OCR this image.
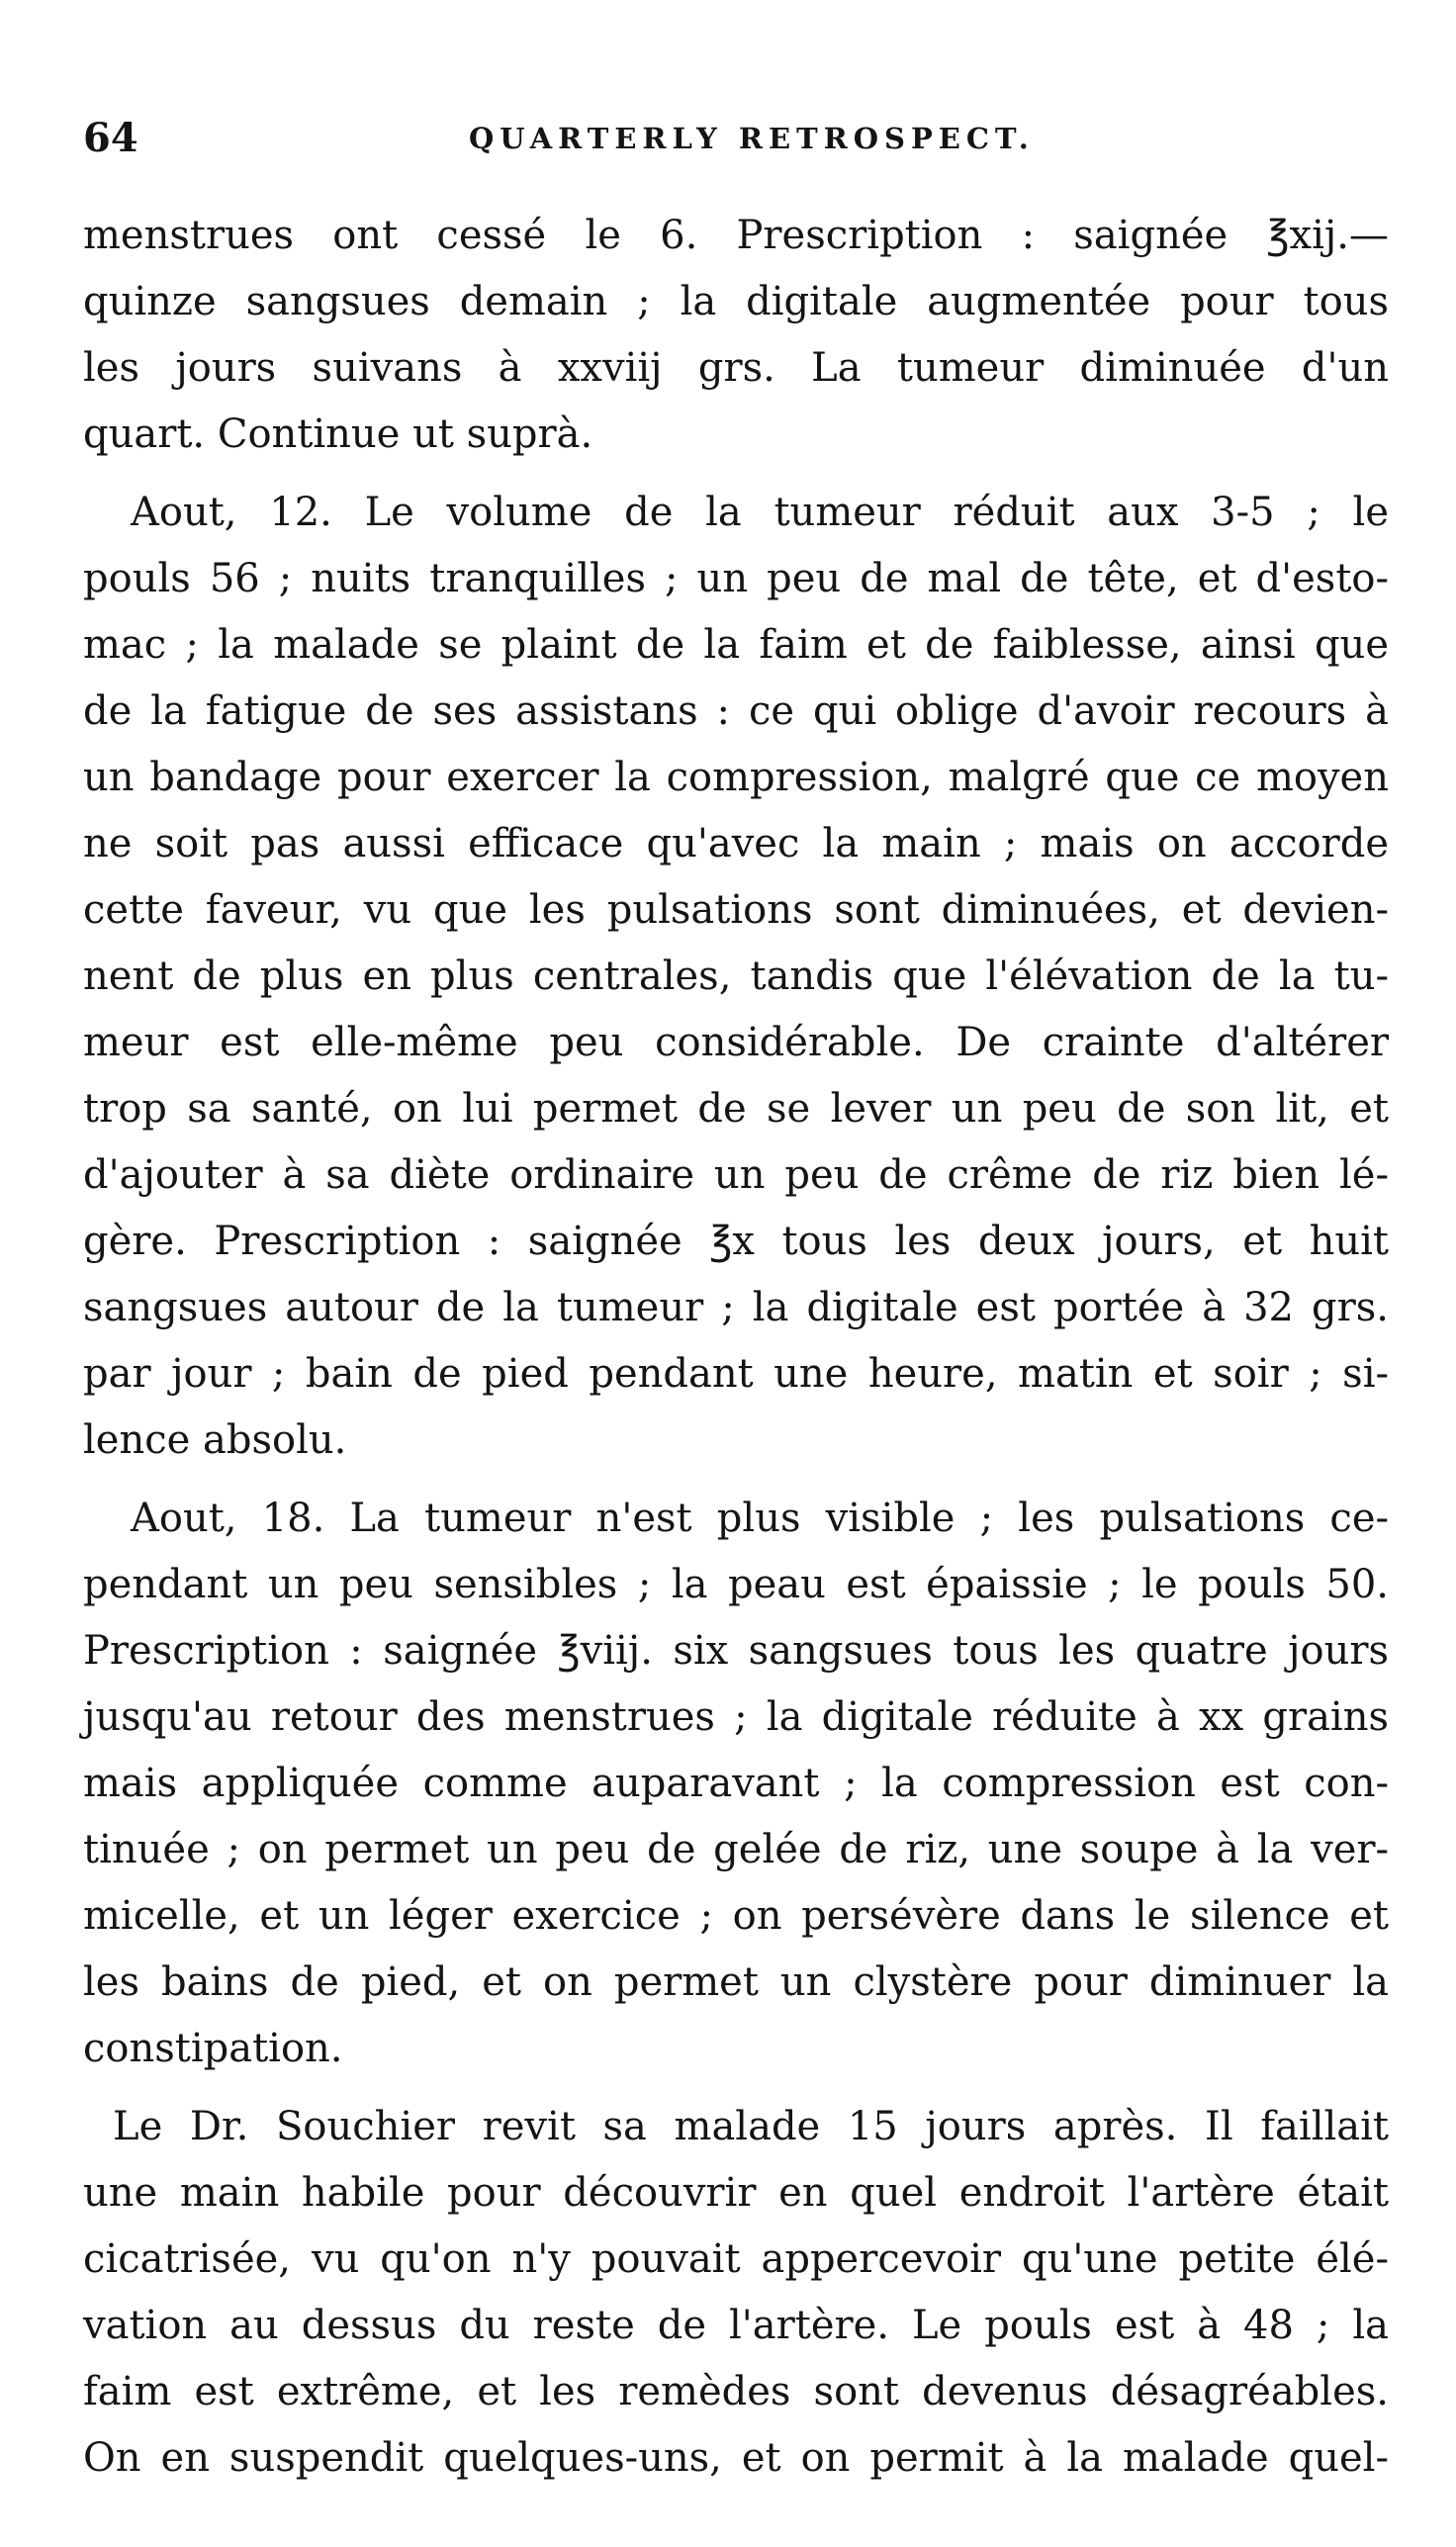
64	QUARTERLY RETROSPECT.

menstrues ont cessé le 6. Prescription : saignée ℥xij.—
quinze sangsues demain ; la digitale augmentée pour tous
les jours suivans à xxviij grs. La tumeur diminuée d'un
quart. Continue ut suprà.

Aout, 12. Le volume de la tumeur réduit aux 3-5 ; le
pouls 56 ; nuits tranquilles ; un peu de mal de tête, et d'esto-
mac ; la malade se plaint de la faim et de faiblesse, ainsi que
de la fatigue de ses assistans : ce qui oblige d'avoir recours à
un bandage pour exercer la compression, malgré que ce moyen
ne soit pas aussi efficace qu'avec la main ; mais on accorde
cette faveur, vu que les pulsations sont diminuées, et devien-
nent de plus en plus centrales, tandis que l'élévation de la tu-
meur est elle-même peu considérable. De crainte d'altérer
trop sa santé, on lui permet de se lever un peu de son lit, et
d'ajouter à sa diète ordinaire un peu de crême de riz bien lé-
gère. Prescription : saignée ℥x tous les deux jours, et huit
sangsues autour de la tumeur ; la digitale est portée à 32 grs.
par jour ; bain de pied pendant une heure, matin et soir ; si-
lence absolu.

Aout, 18. La tumeur n'est plus visible ; les pulsations ce-
pendant un peu sensibles ; la peau est épaissie ; le pouls 50.
Prescription : saignée ℥viij. six sangsues tous les quatre jours
jusqu'au retour des menstrues ; la digitale réduite à xx grains
mais appliquée comme auparavant ; la compression est con-
tinuée ; on permet un peu de gelée de riz, une soupe à la ver-
micelle, et un léger exercice ; on persévère dans le silence et
les bains de pied, et on permet un clystère pour diminuer la
constipation.

Le Dr. Souchier revit sa malade 15 jours après. Il faillait
une main habile pour découvrir en quel endroit l'artère était
cicatrisée, vu qu'on n'y pouvait appercevoir qu'une petite élé-
vation au dessus du reste de l'artère. Le pouls est à 48 ; la
faim est extrême, et les remèdes sont devenus désagréables.
On en suspendit quelques-uns, et on permit à la malade quel-
